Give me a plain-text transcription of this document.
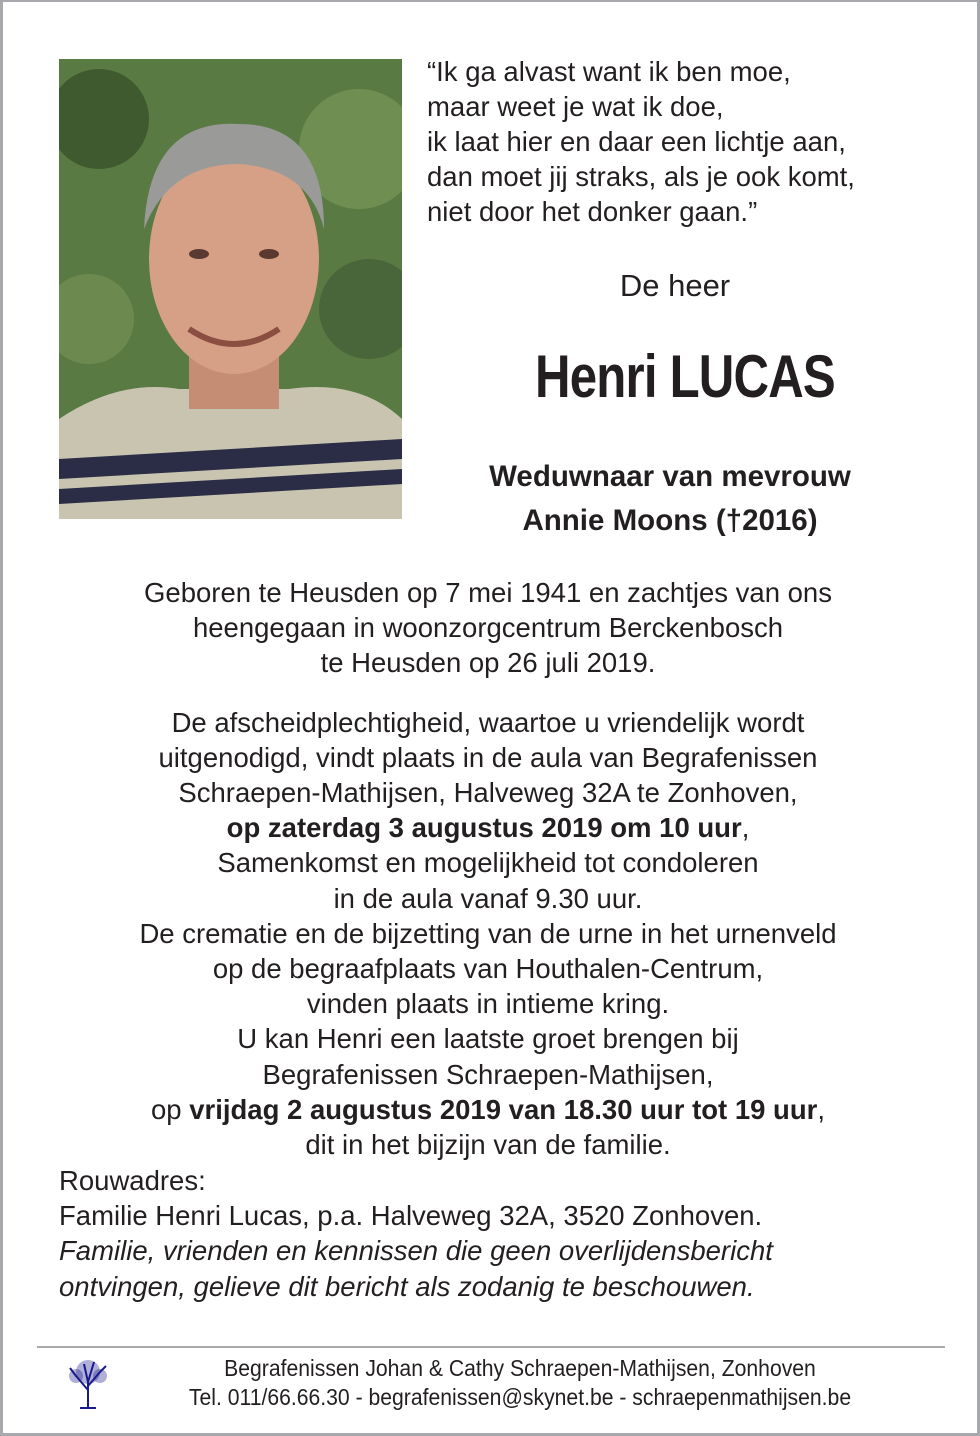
“Ik ga alvast want ik ben moe,
maar weet je wat ik doe,
ik laat hier en daar een lichtje aan,
dan moet jij straks, als je ook komt,
niet door het donker gaan.”
De heer
Henri LUCAS
Weduwnaar van mevrouw
Annie Moons (†2016)
Geboren te Heusden op 7 mei 1941 en zachtjes van ons
heengegaan in woonzorgcentrum Berckenbosch
te Heusden op 26 juli 2019.
De afscheidplechtigheid, waartoe u vriendelijk wordt
uitgenodigd, vindt plaats in de aula van Begrafenissen
Schraepen-Mathijsen, Halveweg 32A te Zonhoven,
op zaterdag 3 augustus 2019 om 10 uur,
Samenkomst en mogelijkheid tot condoleren
in de aula vanaf 9.30 uur.
De crematie en de bijzetting van de urne in het urnenveld
op de begraafplaats van Houthalen-Centrum,
vinden plaats in intieme kring.
U kan Henri een laatste groet brengen bij
Begrafenissen Schraepen-Mathijsen,
op vrijdag 2 augustus 2019 van 18.30 uur tot 19 uur,
dit in het bijzijn van de familie.
Rouwadres:
Familie Henri Lucas, p.a. Halveweg 32A, 3520 Zonhoven.
Familie, vrienden en kennissen die geen overlijdensbericht
ontvingen, gelieve dit bericht als zodanig te beschouwen.
Begrafenissen Johan & Cathy Schraepen-Mathijsen, Zonhoven
Tel. 011/66.66.30 - begrafenissen@skynet.be - schraepenmathijsen.be
